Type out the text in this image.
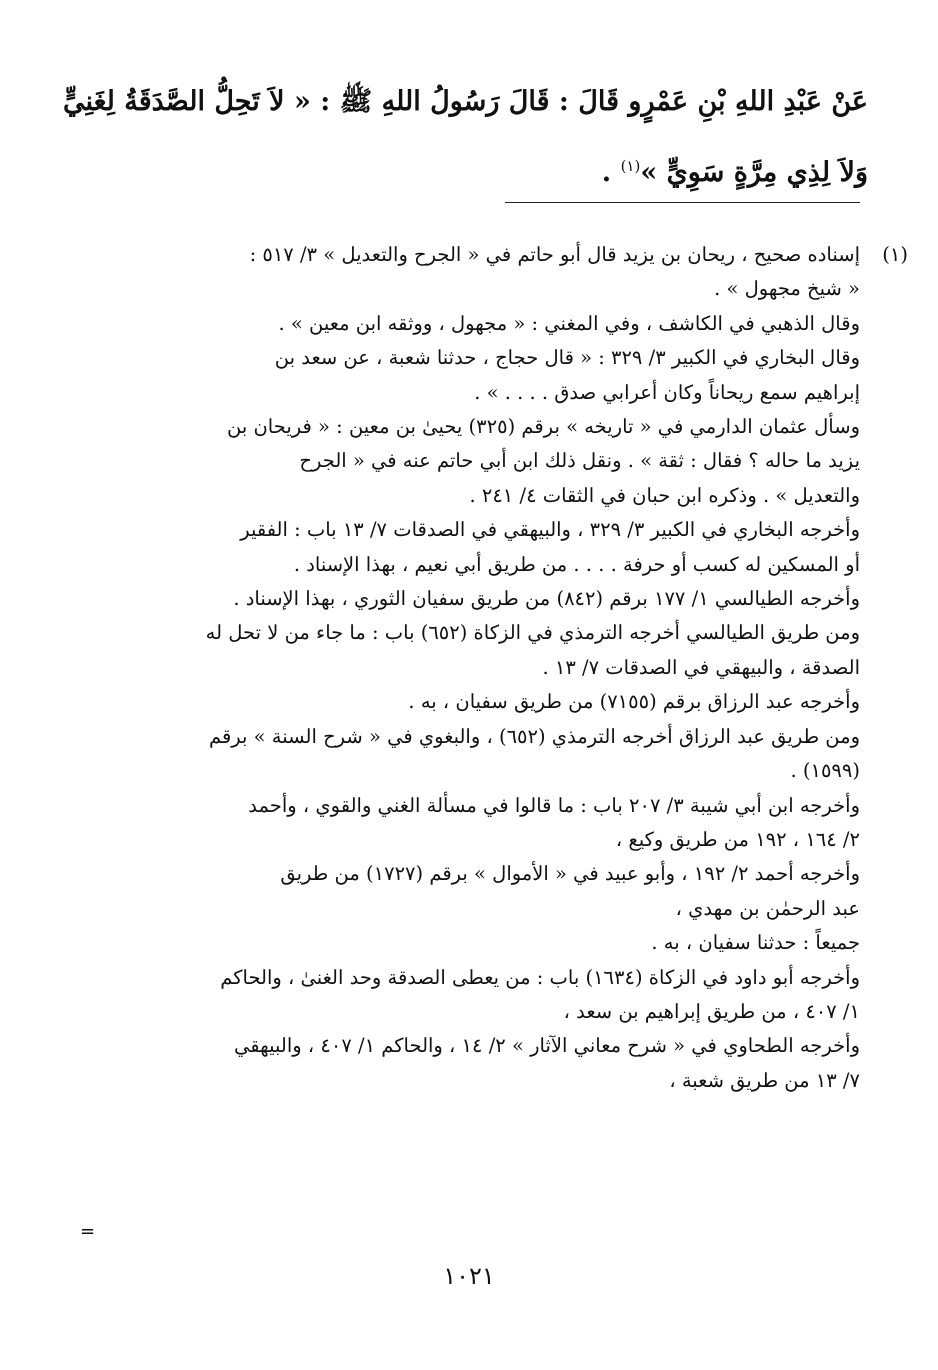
عَنْ عَبْدِ اللهِ بْنِ عَمْرٍو قَالَ : قَالَ رَسُولُ اللهِ ﷺ : « لاَ تَحِلُّ الصَّدَقَةُ لِغَنِيٍّ
وَلاَ لِذِي مِرَّةٍ سَوِيٍّ »$^{(١)}$ .
(١)
إسناده صحيح ، ريحان بن يزيد قال أبو حاتم في « الجرح والتعديل » ٣/ ٥١٧ :
« شيخ مجهول » .
وقال الذهبي في الكاشف ، وفي المغني : « مجهول ، ووثقه ابن معين » .
وقال البخاري في الكبير ٣/ ٣٢٩ : « قال حجاج ، حدثنا شعبة ، عن سعد بن
إبراهيم سمع ريحاناً وكان أعرابي صدق . . . . » .
وسأل عثمان الدارمي في « تاريخه » برقم (٣٢٥) يحيىٰ بن معين : « فريحان بن
يزيد ما حاله ؟ فقال : ثقة » . ونقل ذلك ابن أبي حاتم عنه في « الجرح
والتعديل » . وذكره ابن حبان في الثقات ٤/ ٢٤١ .
وأخرجه البخاري في الكبير ٣/ ٣٢٩ ، والبيهقي في الصدقات ٧/ ١٣ باب : الفقير
أو المسكين له كسب أو حرفة . . . . من طريق أبي نعيم ، بهذا الإسناد .
وأخرجه الطيالسي ١/ ١٧٧ برقم (٨٤٢) من طريق سفيان الثوري ، بهذا الإسناد .
ومن طريق الطيالسي أخرجه الترمذي في الزكاة (٦٥٢) باب : ما جاء من لا تحل له
الصدقة ، والبيهقي في الصدقات ٧/ ١٣ .
وأخرجه عبد الرزاق برقم (٧١٥٥) من طريق سفيان ، به .
ومن طريق عبد الرزاق أخرجه الترمذي (٦٥٢) ، والبغوي في « شرح السنة » برقم
(١٥٩٩) .
وأخرجه ابن أبي شيبة ٣/ ٢٠٧ باب : ما قالوا في مسألة الغني والقوي ، وأحمد
٢/ ١٦٤ ، ١٩٢ من طريق وكيع ،
وأخرجه أحمد ٢/ ١٩٢ ، وأبو عبيد في « الأموال » برقم (١٧٢٧) من طريق
عبد الرحمٰن بن مهدي ،
جميعاً : حدثنا سفيان ، به .
وأخرجه أبو داود في الزكاة (١٦٣٤) باب : من يعطى الصدقة وحد الغنىٰ ، والحاكم
١/ ٤٠٧ ، من طريق إبراهيم بن سعد ،
وأخرجه الطحاوي في « شرح معاني الآثار » ٢/ ١٤ ، والحاكم ١/ ٤٠٧ ، والبيهقي
٧/ ١٣ من طريق شعبة ،
=
١٠٢١
